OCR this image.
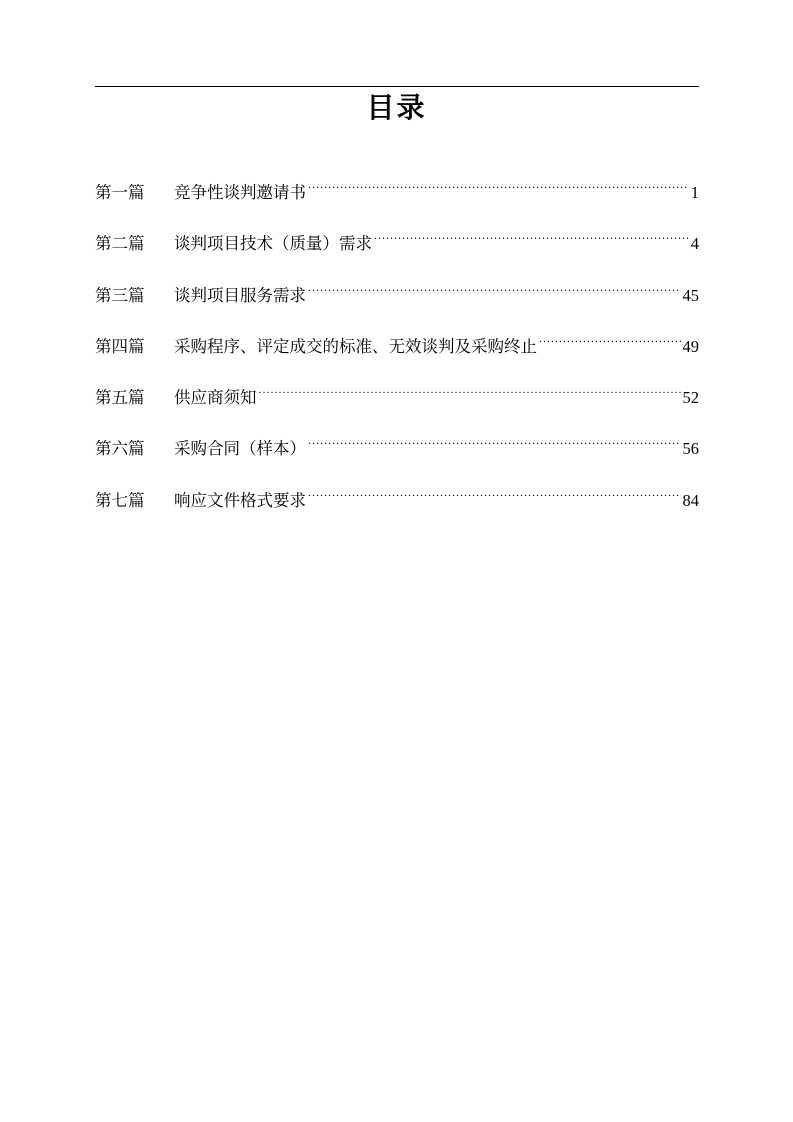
目录
第一篇	竞争性谈判邀请书 .....	1
第二篇	谈判项目技术（质量）需求 .....	4
第三篇	谈判项目服务需求 .....	45
第四篇	采购程序、评定成交的标准、无效谈判及采购终止 .....	49
第五篇	供应商须知 .....	52
第六篇	采购合同（样本） .....	56
第七篇	响应文件格式要求 .....	84
